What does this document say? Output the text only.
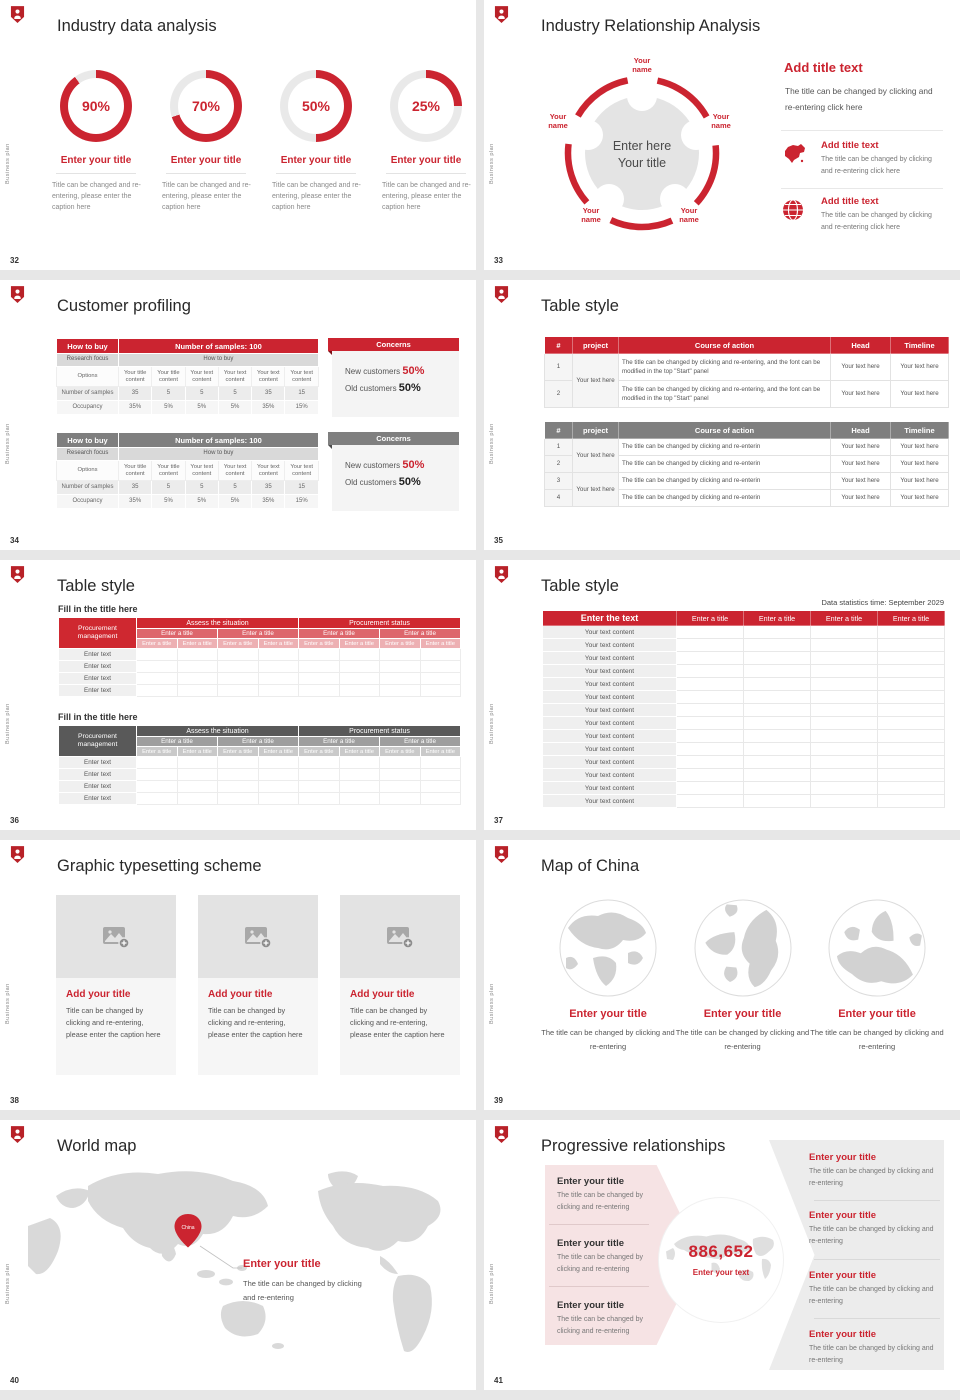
Business plan
32
Industry data analysis
90%
Enter your title
Title can be changed and re-entering, please enter the caption here
70%
Enter your title
Title can be changed and re-entering, please enter the caption here
50%
Enter your title
Title can be changed and re-entering, please enter the caption here
25%
Enter your title
Title can be changed and re-entering, please enter the caption here
Business plan
33
Industry Relationship Analysis
Your name
Your name
Your name
Your name
Your name
Enter here
Your title
Add title text
The title can be changed by clicking and re-entering click here
Add title text
The title can be changed by clicking and re-entering click here
Add title text
The title can be changed by clicking and re-entering click here
Business plan
34
Customer profiling
How to buy	Number of samples: 100					
Research focus	How to buy					
Options	Your title content	Your title content	Your text content	Your text content	Your text content	Your text content
Number of samples	35	5	5	5	35	15
Occupancy	35%	5%	5%	5%	35%	15%
Concerns
New customers 50%
Old customers 50%
How to buy	Number of samples: 100					
Research focus	How to buy					
Options	Your title content	Your title content	Your text content	Your text content	Your text content	Your text content
Number of samples	35	5	5	5	35	15
Occupancy	35%	5%	5%	5%	35%	15%
Concerns
New customers 50%
Old customers 50%
Business plan
35
Table style
#	project	Course of action	Head	Timeline
1	Your text here	The title can be changed by clicking and re-entering, and the font can be modified in the top "Start" panel	Your text here	Your text here
2		The title can be changed by clicking and re-entering, and the font can be modified in the top "Start" panel	Your text here	Your text here
#	project	Course of action	Head	Timeline
1	Your text here	The title can be changed by clicking and re-enterin	Your text here	Your text here
2		The title can be changed by clicking and re-enterin	Your text here	Your text here
3	Your text here	The title can be changed by clicking and re-enterin	Your text here	Your text here
4		The title can be changed by clicking and re-enterin	Your text here	Your text here
Business plan
36
Table style
Fill in the title here
Procurement management	Assess the situation				Procurement status			
	Enter a title		Enter a title		Enter a title		Enter a title	
	Enter a title	Enter a title	Enter a title	Enter a title	Enter a title	Enter a title	Enter a title	Enter a title
Enter text								
Enter text								
Enter text								
Enter text								
Fill in the title here
Procurement management	Assess the situation				Procurement status			
	Enter a title		Enter a title		Enter a title		Enter a title	
	Enter a title	Enter a title	Enter a title	Enter a title	Enter a title	Enter a title	Enter a title	Enter a title
Enter text								
Enter text								
Enter text								
Enter text								
Business plan
37
Table style
Data statistics time: September 2029
Enter the text	Enter a title	Enter a title	Enter a title	Enter a title
Your text content				
Your text content				
Your text content				
Your text content				
Your text content				
Your text content				
Your text content				
Your text content				
Your text content				
Your text content				
Your text content				
Your text content				
Your text content				
Your text content				
Business plan
38
Graphic typesetting scheme
Add your title
Title can be changed by clicking and re-entering, please enter the caption here
Add your title
Title can be changed by clicking and re-entering, please enter the caption here
Add your title
Title can be changed by clicking and re-entering, please enter the caption here
Business plan
39
Map of China
Enter your title
The title can be changed by clicking and re-entering
Enter your title
The title can be changed by clicking and re-entering
Enter your title
The title can be changed by clicking and re-entering
Business plan
40
World map
China
Enter your title
The title can be changed by clicking and re-entering	Business plan
41
Progressive relationships
886,652
Enter your text
Enter your title
The title can be changed by clicking and re-entering
Enter your title
The title can be changed by clicking and re-entering
Enter your title
The title can be changed by clicking and re-entering
Enter your title
The title can be changed by clicking and re-entering
Enter your title
The title can be changed by clicking and re-entering
Enter your title
The title can be changed by clicking and re-entering
Enter your title
The title can be changed by clicking and re-entering
